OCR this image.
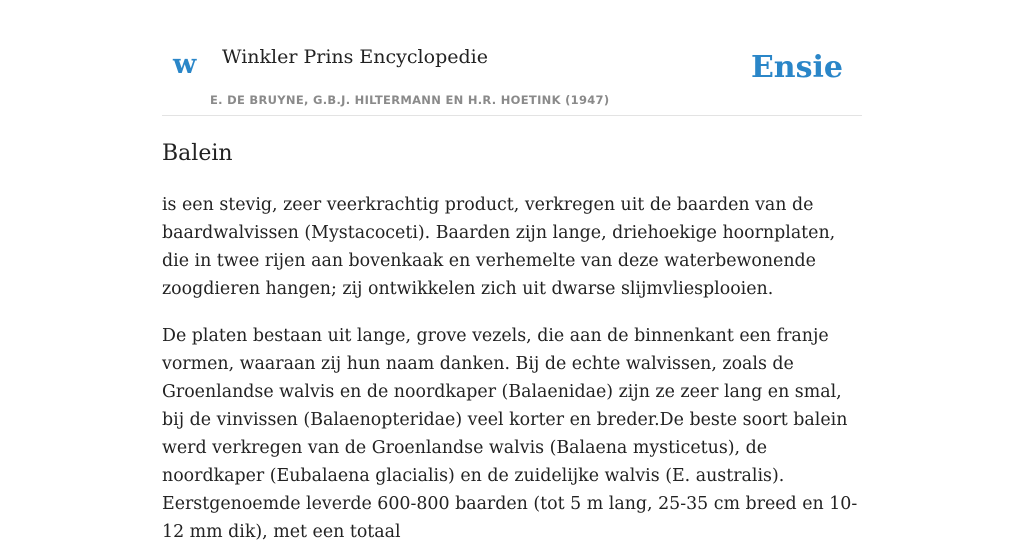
w Winkler Prins Encyclopedie
E. DE BRUYNE, G.B.J. HILTERMANN EN H.R. HOETINK (1947)
Ensie
Balein

is een stevig, zeer veerkrachtig product, verkregen uit de baarden van de baardwalvissen (Mystacoceti). Baarden zijn lange, driehoekige hoornplaten, die in twee rijen aan bovenkaak en verhemelte van deze waterbewonende zoogdieren hangen; zij ontwikkelen zich uit dwarse slijmvliesplooien.

De platen bestaan uit lange, grove vezels, die aan de binnenkant een franje vormen, waaraan zij hun naam danken. Bij de echte walvissen, zoals de Groenlandse walvis en de noordkaper (Balaenidae) zijn ze zeer lang en smal, bij de vinvissen (Balaenopteridae) veel korter en breder.De beste soort balein werd verkregen van de Groenlandse walvis (Balaena mysticetus), de noordkaper (Eubalaena glacialis) en de zuidelijke walvis (E. australis). Eerstgenoemde leverde 600-800 baarden (tot 5 m lang, 25-35 cm breed en 10-12 mm dik), met een totaal
